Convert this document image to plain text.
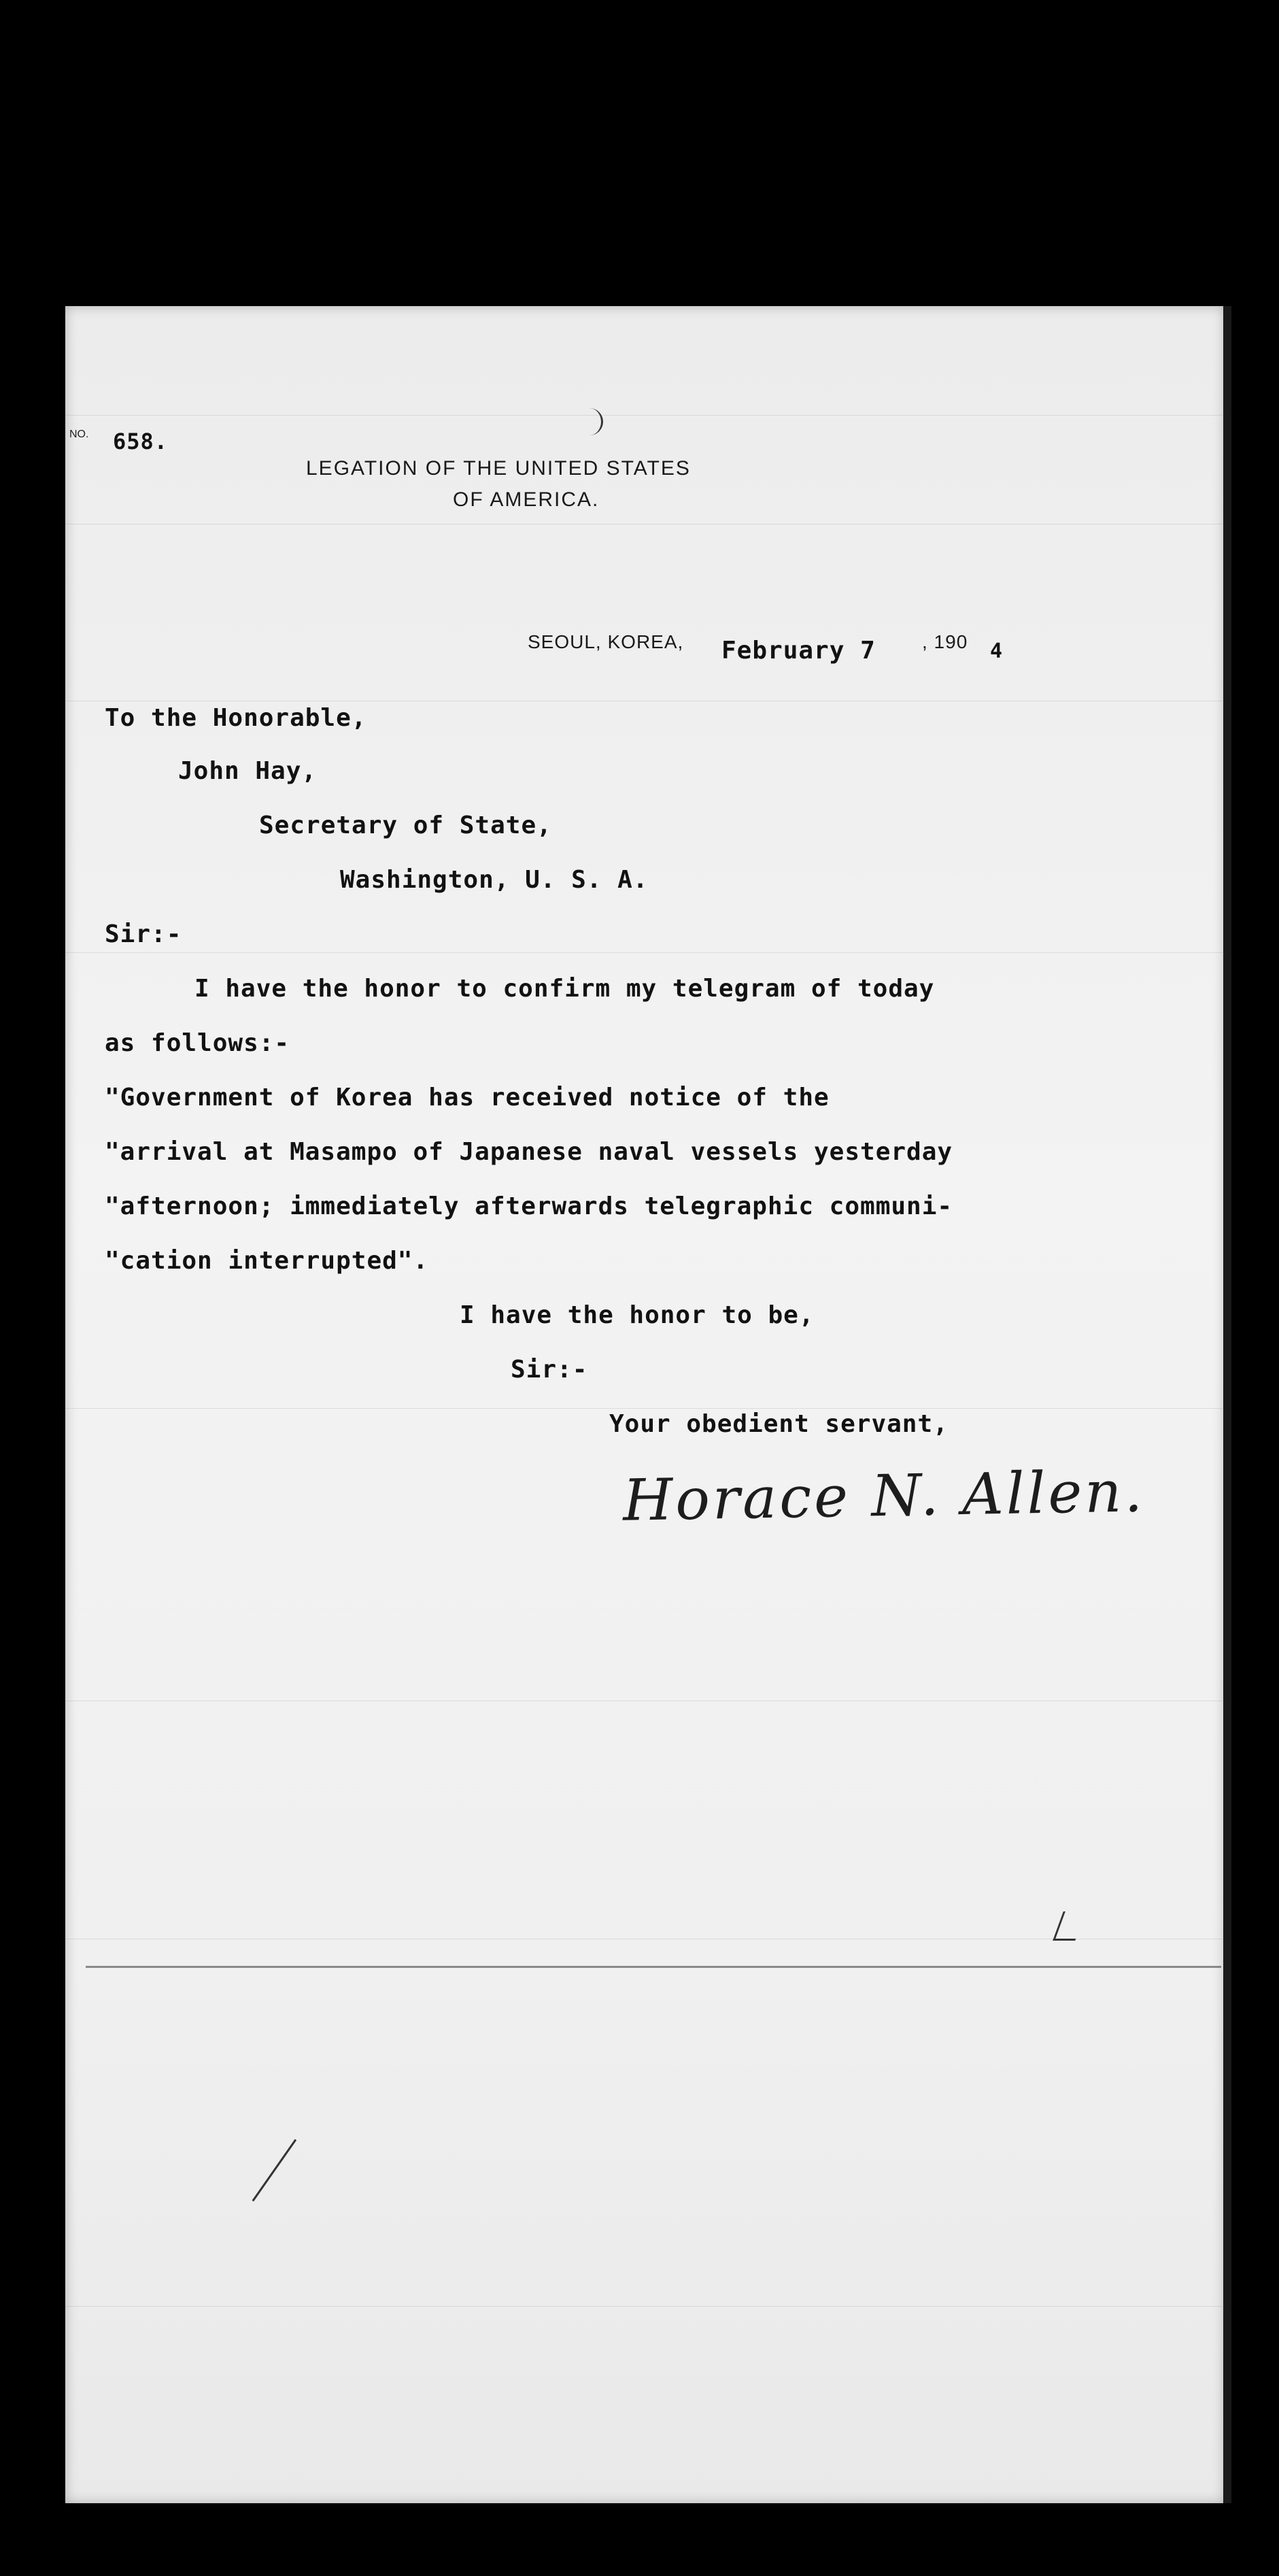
NO. 658.
LEGATION OF THE UNITED STATES
OF AMERICA.
SEOUL, KOREA, February 7 , 190 4
To the Honorable,
John Hay,
Secretary of State,
Washington, U. S. A.
Sir:-
I have the honor to confirm my telegram of today
as follows:-
"Government of Korea has received notice of the
"arrival at Masampo of Japanese naval vessels yesterday
"afternoon; immediately afterwards telegraphic communi-
"cation interrupted".
I have the honor to be,
Sir:-
Your obedient servant,
Horace N. Allen.
